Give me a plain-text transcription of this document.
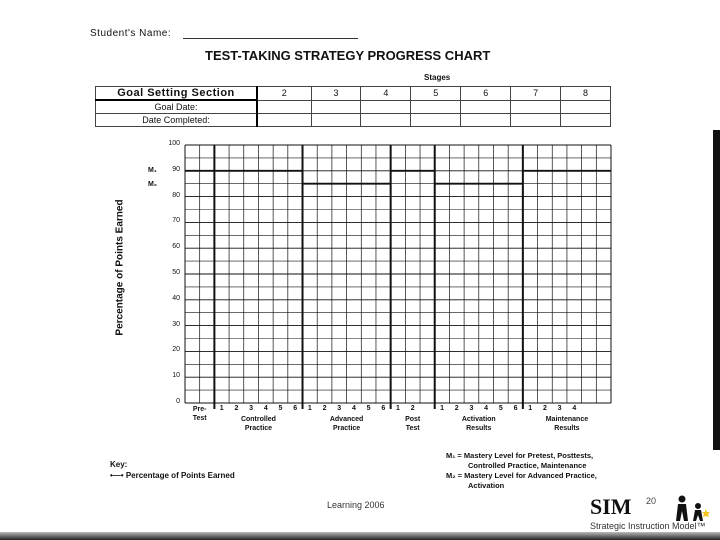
Student's Name:
TEST-TAKING STRATEGY PROGRESS CHART
Stages
Goal Setting Section	2	3	4	5	6	7	8
Goal Date:							
Date Completed:							
Percentage of Points Earned
M₁
M₂
Pre-
Test
1	2	3	4	5	6
Controlled
Practice
1	2	3	4	5	6
Advanced
Practice
1	2
Post
Test
1	2	3	4	5	6
Activation
Results
1	2	3	4
Maintenance
Results
0
10
20
30
40
50
60
70
80
90
100
Key:
•—• Percentage of Points Earned
M₁ = Mastery Level for Pretest, Posttests,
Controlled Practice, Maintenance
M₂ = Mastery Level for Advanced Practice,
Activation
Learning 2006	SIM 20
Strategic Instruction Model™
